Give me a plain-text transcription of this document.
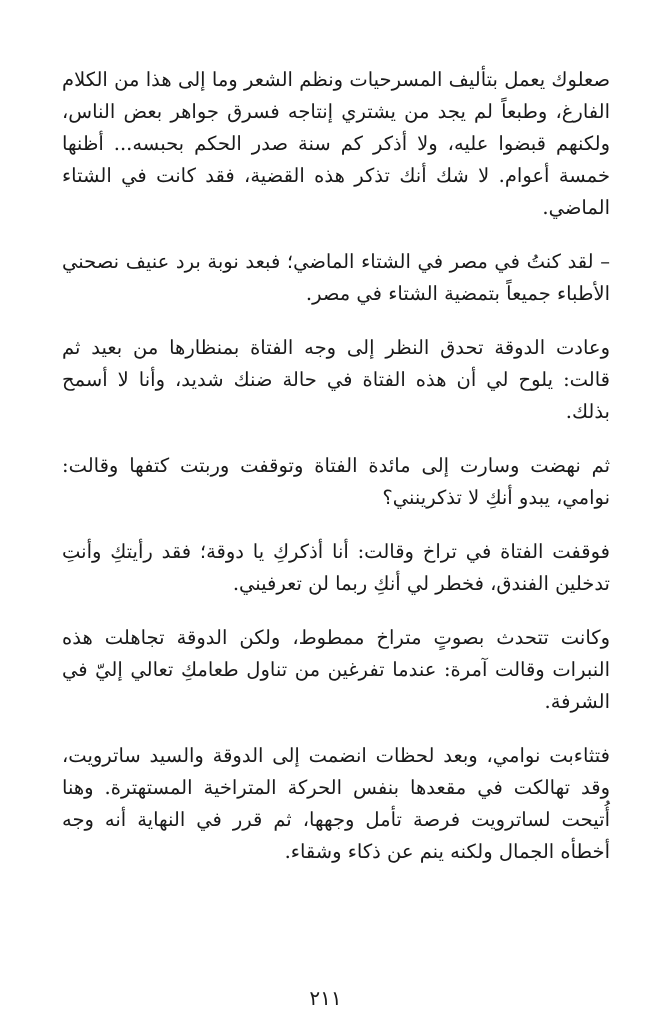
صعلوك يعمل بتأليف المسرحيات ونظم الشعر وما إلى هذا من الكلام الفارغ، وطبعاً لم يجد من يشتري إنتاجه فسرق جواهر بعض الناس، ولكنهم قبضوا عليه، ولا أذكر كم سنة صدر الحكم بحبسه... أظنها خمسة أعوام. لا شك أنك تذكر هذه القضية، فقد كانت في الشتاء الماضي.

– لقد كنتُ في مصر في الشتاء الماضي؛ فبعد نوبة برد عنيف نصحني الأطباء جميعاً بتمضية الشتاء في مصر.

وعادت الدوقة تحدق النظر إلى وجه الفتاة بمنظارها من بعيد ثم قالت: يلوح لي أن هذه الفتاة في حالة ضنك شديد، وأنا لا أسمح بذلك.

ثم نهضت وسارت إلى مائدة الفتاة وتوقفت وربتت كتفها وقالت: نوامي، يبدو أنكِ لا تذكرينني؟

فوقفت الفتاة في تراخ وقالت: أنا أذكركِ يا دوقة؛ فقد رأيتكِ وأنتِ تدخلين الفندق، فخطر لي أنكِ ربما لن تعرفيني.

وكانت تتحدث بصوتٍ متراخ ممطوط، ولكن الدوقة تجاهلت هذه النبرات وقالت آمرة: عندما تفرغين من تناول طعامكِ تعالي إليّ في الشرفة.

فتثاءبت نوامي، وبعد لحظات انضمت إلى الدوقة والسيد ساترويت، وقد تهالكت في مقعدها بنفس الحركة المتراخية المستهترة. وهنا أُتيحت لساترويت فرصة تأمل وجهها، ثم قرر في النهاية أنه وجه أخطأه الجمال ولكنه ينم عن ذكاء وشقاء.

٢١١
